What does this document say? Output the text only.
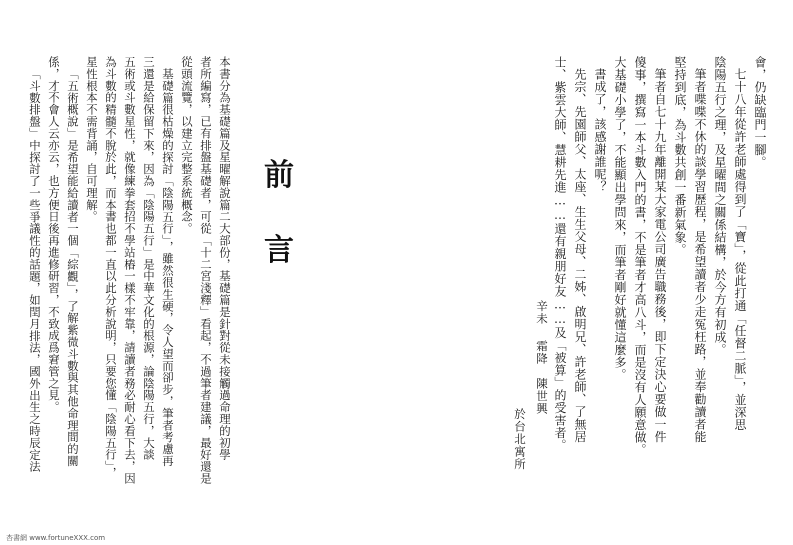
本書分為基礎篇及星曜解說篇二大部份，基礎篇是針對從未接觸過命理的初學
者所編寫，已有排盤基礎者，可從「十二宮淺釋」看起，不過筆者建議，最好還是
從頭流覽，以建立完整系統概念。
基礎篇很枯燥的探討「陰陽五行」，雖然很生硬，令人望而卻步，筆者考慮再
三還是給保留下來，因為「陰陽五行」是中華文化的根源，論陰陽五行，大談
五術或斗數星性，就像練拳套招不學站樁一樣不牢靠，請讀者務必耐心看下去，因
為斗數的精髓不脫於此，而本書也都一直以此分析說明，只要您懂「陰陽五行」，
星性根本不需背誦，自可理解。
「五術概說」是希望能給讀者一個「綜觀」，了解紫微斗數與其他命理間的關
係，才不會人云亦云，也方便日後再進修研習，不致成爲窘管之見。
「斗數排盤」中探討了一些爭議性的話題，如閏月排法，國外出生之時辰定法	前
言
會，仍缺臨門一腳。
七十八年從許老師處得到了「寶」，從此打通「任督二脈」，並深思
陰陽五行之理，及星曜間之關係結構，於今方有初成。
筆者喋喋不休的談學習歷程，是希望讀者少走冤枉路，並奉勸讀者能
堅持到底，為斗數共創一番新氣象。
筆者自七十九年離開某大家電公司廣告職務後，即下定決心要做一件
傻事，撰寫一本斗數入門的書，不是筆者才高八斗，而是沒有人願意做。
大基礎小學了，不能顯出學問來，而筆者剛好就懂這麼多。
書成了，該感謝誰呢？
先宗、先園師父、太座、生生父母、二姊、啟明兄、許老師、了無居
士、紫雲大師、慧耕先進……還有親朋好友……及「被算」的受害者。
辛未
霜降　陳世興
於台北寓所
杏書網 www.fortuneXXX.com
